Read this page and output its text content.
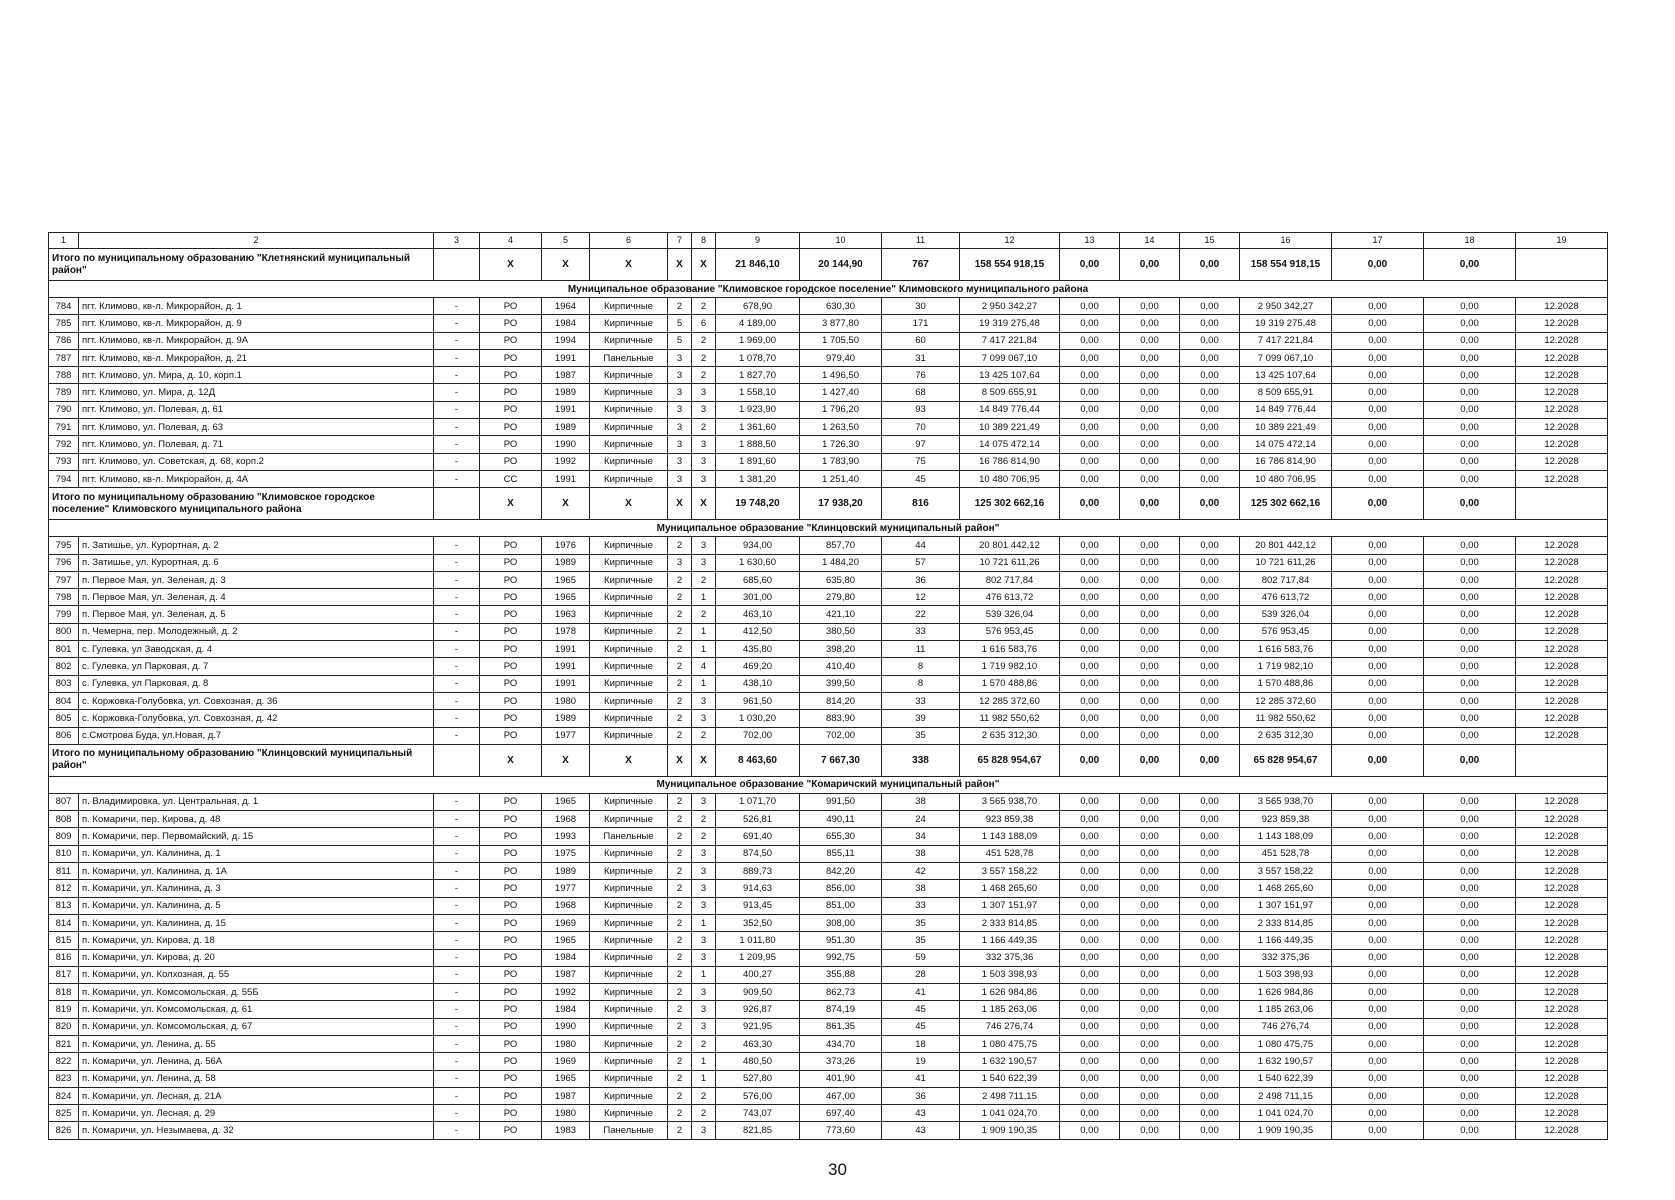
1	2	3	4	5	6	7	8	9	10	11	12	13	14	15	16	17	18	19
Итого по муниципальному образованию "Клетнянский муниципальный район"			X	X	X	X	X	21 846,10	20 144,90	767	158 554 918,15	0,00	0,00	0,00	158 554 918,15	0,00	0,00	
Муниципальное образование "Климовское городское поселение" Климовского муниципального района																		
784	пгт. Климово, кв-л. Микрорайон, д. 1	-	РО	1964	Кирпичные	2	2	678,90	630,30	30	2 950 342,27	0,00	0,00	0,00	2 950 342,27	0,00	0,00	12.2028
785	пгт. Климово, кв-л. Микрорайон, д. 9	-	РО	1984	Кирпичные	5	6	4 189,00	3 877,80	171	19 319 275,48	0,00	0,00	0,00	19 319 275,48	0,00	0,00	12.2028
786	пгт. Климово, кв-л. Микрорайон, д. 9А	-	РО	1994	Кирпичные	5	2	1 969,00	1 705,50	60	7 417 221,84	0,00	0,00	0,00	7 417 221,84	0,00	0,00	12.2028
787	пгт. Климово, кв-л. Микрорайон, д. 21	-	РО	1991	Панельные	3	2	1 078,70	979,40	31	7 099 067,10	0,00	0,00	0,00	7 099 067,10	0,00	0,00	12.2028
788	пгт. Климово, ул. Мира, д. 10, корп.1	-	РО	1987	Кирпичные	3	2	1 827,70	1 496,50	76	13 425 107,64	0,00	0,00	0,00	13 425 107,64	0,00	0,00	12.2028
789	пгт. Климово, ул. Мира, д. 12Д	-	РО	1989	Кирпичные	3	3	1 558,10	1 427,40	68	8 509 655,91	0,00	0,00	0,00	8 509 655,91	0,00	0,00	12.2028
790	пгт. Климово, ул. Полевая, д. 61	-	РО	1991	Кирпичные	3	3	1 923,90	1 796,20	93	14 849 776,44	0,00	0,00	0,00	14 849 776,44	0,00	0,00	12.2028
791	пгт. Климово, ул. Полевая, д. 63	-	РО	1989	Кирпичные	3	2	1 361,60	1 263,50	70	10 389 221,49	0,00	0,00	0,00	10 389 221,49	0,00	0,00	12.2028
792	пгт. Климово, ул. Полевая, д. 71	-	РО	1990	Кирпичные	3	3	1 888,50	1 726,30	97	14 075 472,14	0,00	0,00	0,00	14 075 472,14	0,00	0,00	12.2028
793	пгт. Климово, ул. Советская, д. 68, корп.2	-	РО	1992	Кирпичные	3	3	1 891,60	1 783,90	75	16 786 814,90	0,00	0,00	0,00	16 786 814,90	0,00	0,00	12.2028
794	пгт. Климово, кв-л. Микрорайон, д. 4А	-	СС	1991	Кирпичные	3	3	1 381,20	1 251,40	45	10 480 706,95	0,00	0,00	0,00	10 480 706,95	0,00	0,00	12.2028
Итого по муниципальному образованию "Климовское городское поселение" Климовского муниципального района			X	X	X	X	X	19 748,20	17 938,20	816	125 302 662,16	0,00	0,00	0,00	125 302 662,16	0,00	0,00	
Муниципальное образование "Клинцовский муниципальный район"																		
795	п. Затишье, ул. Курортная, д. 2	-	РО	1976	Кирпичные	2	3	934,00	857,70	44	20 801 442,12	0,00	0,00	0,00	20 801 442,12	0,00	0,00	12.2028
796	п. Затишье, ул. Курортная, д. 6	-	РО	1989	Кирпичные	3	3	1 630,60	1 484,20	57	10 721 611,26	0,00	0,00	0,00	10 721 611,26	0,00	0,00	12.2028
797	п. Первое Мая, ул. Зеленая, д. 3	-	РО	1965	Кирпичные	2	2	685,60	635,80	36	802 717,84	0,00	0,00	0,00	802 717,84	0,00	0,00	12.2028
798	п. Первое Мая, ул. Зеленая, д. 4	-	РО	1965	Кирпичные	2	1	301,00	279,80	12	476 613,72	0,00	0,00	0,00	476 613,72	0,00	0,00	12.2028
799	п. Первое Мая, ул. Зеленая, д. 5	-	РО	1963	Кирпичные	2	2	463,10	421,10	22	539 326,04	0,00	0,00	0,00	539 326,04	0,00	0,00	12.2028
800	п. Чемерна, пер. Молодежный, д. 2	-	РО	1978	Кирпичные	2	1	412,50	380,50	33	576 953,45	0,00	0,00	0,00	576 953,45	0,00	0,00	12.2028
801	с. Гулевка, ул Заводская, д. 4	-	РО	1991	Кирпичные	2	1	435,80	398,20	11	1 616 583,76	0,00	0,00	0,00	1 616 583,76	0,00	0,00	12.2028
802	с. Гулевка, ул Парковая, д. 7	-	РО	1991	Кирпичные	2	4	469,20	410,40	8	1 719 982,10	0,00	0,00	0,00	1 719 982,10	0,00	0,00	12.2028
803	с. Гулевка, ул Парковая, д. 8	-	РО	1991	Кирпичные	2	1	438,10	399,50	8	1 570 488,86	0,00	0,00	0,00	1 570 488,86	0,00	0,00	12.2028
804	с. Коржовка-Голубовка, ул. Совхозная, д. 36	-	РО	1980	Кирпичные	2	3	961,50	814,20	33	12 285 372,60	0,00	0,00	0,00	12 285 372,60	0,00	0,00	12.2028
805	с. Коржовка-Голубовка, ул. Совхозная, д. 42	-	РО	1989	Кирпичные	2	3	1 030,20	883,90	39	11 982 550,62	0,00	0,00	0,00	11 982 550,62	0,00	0,00	12.2028
806	с.Смотрова Буда, ул.Новая, д.7	-	РО	1977	Кирпичные	2	2	702,00	702,00	35	2 635 312,30	0,00	0,00	0,00	2 635 312,30	0,00	0,00	12.2028
Итого по муниципальному образованию "Клинцовский муниципальный район"			X	X	X	X	X	8 463,60	7 667,30	338	65 828 954,67	0,00	0,00	0,00	65 828 954,67	0,00	0,00	
Муниципальное образование "Комаричский муниципальный район"																		
807	п. Владимировка, ул. Центральная, д. 1	-	РО	1965	Кирпичные	2	3	1 071,70	991,50	38	3 565 938,70	0,00	0,00	0,00	3 565 938,70	0,00	0,00	12.2028
808	п. Комаричи, пер. Кирова, д. 48	-	РО	1968	Кирпичные	2	2	526,81	490,11	24	923 859,38	0,00	0,00	0,00	923 859,38	0,00	0,00	12.2028
809	п. Комаричи, пер. Первомайский, д. 15	-	РО	1993	Панельные	2	2	691,40	655,30	34	1 143 188,09	0,00	0,00	0,00	1 143 188,09	0,00	0,00	12.2028
810	п. Комаричи, ул. Калинина, д. 1	-	РО	1975	Кирпичные	2	3	874,50	855,11	38	451 528,78	0,00	0,00	0,00	451 528,78	0,00	0,00	12.2028
811	п. Комаричи, ул. Калинина, д. 1А	-	РО	1989	Кирпичные	2	3	889,73	842,20	42	3 557 158,22	0,00	0,00	0,00	3 557 158,22	0,00	0,00	12.2028
812	п. Комаричи, ул. Калинина, д. 3	-	РО	1977	Кирпичные	2	3	914,63	856,00	38	1 468 265,60	0,00	0,00	0,00	1 468 265,60	0,00	0,00	12.2028
813	п. Комаричи, ул. Калинина, д. 5	-	РО	1968	Кирпичные	2	3	913,45	851,00	33	1 307 151,97	0,00	0,00	0,00	1 307 151,97	0,00	0,00	12.2028
814	п. Комаричи, ул. Калинина, д. 15	-	РО	1969	Кирпичные	2	1	352,50	308,00	35	2 333 814,85	0,00	0,00	0,00	2 333 814,85	0,00	0,00	12.2028
815	п. Комаричи, ул. Кирова, д. 18	-	РО	1965	Кирпичные	2	3	1 011,80	951,30	35	1 166 449,35	0,00	0,00	0,00	1 166 449,35	0,00	0,00	12.2028
816	п. Комаричи, ул. Кирова, д. 20	-	РО	1984	Кирпичные	2	3	1 209,95	992,75	59	332 375,36	0,00	0,00	0,00	332 375,36	0,00	0,00	12.2028
817	п. Комаричи, ул. Колхозная, д. 55	-	РО	1987	Кирпичные	2	1	400,27	355,88	28	1 503 398,93	0,00	0,00	0,00	1 503 398,93	0,00	0,00	12.2028
818	п. Комаричи, ул. Комсомольская, д. 55Б	-	РО	1992	Кирпичные	2	3	909,50	862,73	41	1 626 984,86	0,00	0,00	0,00	1 626 984,86	0,00	0,00	12.2028
819	п. Комаричи, ул. Комсомольская, д. 61	-	РО	1984	Кирпичные	2	3	926,87	874,19	45	1 185 263,06	0,00	0,00	0,00	1 185 263,06	0,00	0,00	12.2028
820	п. Комаричи, ул. Комсомольская, д. 67	-	РО	1990	Кирпичные	2	3	921,95	861,35	45	746 276,74	0,00	0,00	0,00	746 276,74	0,00	0,00	12.2028
821	п. Комаричи, ул. Ленина, д. 55	-	РО	1980	Кирпичные	2	2	463,30	434,70	18	1 080 475,75	0,00	0,00	0,00	1 080 475,75	0,00	0,00	12.2028
822	п. Комаричи, ул. Ленина, д. 56А	-	РО	1969	Кирпичные	2	1	480,50	373,26	19	1 632 190,57	0,00	0,00	0,00	1 632 190,57	0,00	0,00	12.2028
823	п. Комаричи, ул. Ленина, д. 58	-	РО	1965	Кирпичные	2	1	527,80	401,90	41	1 540 622,39	0,00	0,00	0,00	1 540 622,39	0,00	0,00	12.2028
824	п. Комаричи, ул. Лесная, д. 21А	-	РО	1987	Кирпичные	2	2	576,00	467,00	36	2 498 711,15	0,00	0,00	0,00	2 498 711,15	0,00	0,00	12.2028
825	п. Комаричи, ул. Лесная, д. 29	-	РО	1980	Кирпичные	2	2	743,07	697,40	43	1 041 024,70	0,00	0,00	0,00	1 041 024,70	0,00	0,00	12.2028
826	п. Комаричи, ул. Незымаева, д. 32	-	РО	1983	Панельные	2	3	821,85	773,60	43	1 909 190,35	0,00	0,00	0,00	1 909 190,35	0,00	0,00	12.2028
30
